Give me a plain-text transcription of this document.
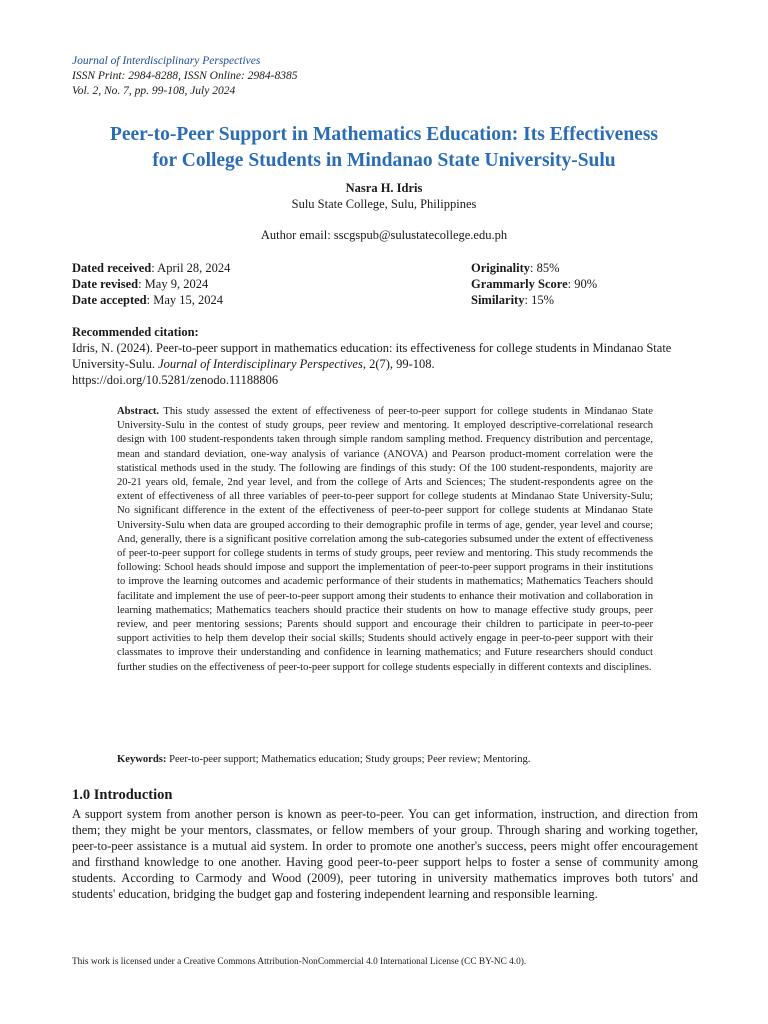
Journal of Interdisciplinary Perspectives
ISSN Print: 2984-8288, ISSN Online: 2984-8385
Vol. 2, No. 7, pp. 99-108, July 2024
Peer-to-Peer Support in Mathematics Education: Its Effectiveness
for College Students in Mindanao State University-Sulu
Nasra H. Idris
Sulu State College, Sulu, Philippines
Author email: sscgspub@sulustatecollege.edu.ph
Dated received: April 28, 2024
Date revised: May 9, 2024
Date accepted: May 15, 2024
Originality: 85%
Grammarly Score: 90%
Similarity: 15%
Recommended citation:
Idris, N. (2024). Peer-to-peer support in mathematics education: its effectiveness for college students in Mindanao State University-Sulu. Journal of Interdisciplinary Perspectives, 2(7), 99-108.
https://doi.org/10.5281/zenodo.11188806
Abstract. This study assessed the extent of effectiveness of peer-to-peer support for college students in Mindanao State University-Sulu in the contest of study groups, peer review and mentoring. It employed descriptive-correlational research design with 100 student-respondents taken through simple random sampling method. Frequency distribution and percentage, mean and standard deviation, one-way analysis of variance (ANOVA) and Pearson product-moment correlation were the statistical methods used in the study. The following are findings of this study: Of the 100 student-respondents, majority are 20-21 years old, female, 2nd year level, and from the college of Arts and Sciences; The student-respondents agree on the extent of effectiveness of all three variables of peer-to-peer support for college students at Mindanao State University-Sulu; No significant difference in the extent of the effectiveness of peer-to-peer support for college students at Mindanao State University-Sulu when data are grouped according to their demographic profile in terms of age, gender, year level and course; And, generally, there is a significant positive correlation among the sub-categories subsumed under the extent of effectiveness of peer-to-peer support for college students in terms of study groups, peer review and mentoring. This study recommends the following: School heads should impose and support the implementation of peer-to-peer support programs in their institutions to improve the learning outcomes and academic performance of their students in mathematics; Mathematics Teachers should facilitate and implement the use of peer-to-peer support among their students to enhance their motivation and collaboration in learning mathematics; Mathematics teachers should practice their students on how to manage effective study groups, peer review, and peer mentoring sessions; Parents should support and encourage their children to participate in peer-to-peer support activities to help them develop their social skills; Students should actively engage in peer-to-peer support with their classmates to improve their understanding and confidence in learning mathematics; and Future researchers should conduct further studies on the effectiveness of peer-to-peer support for college students especially in different contexts and disciplines.
Keywords: Peer-to-peer support; Mathematics education; Study groups; Peer review; Mentoring.
1.0 Introduction
A support system from another person is known as peer-to-peer. You can get information, instruction, and direction from them; they might be your mentors, classmates, or fellow members of your group. Through sharing and working together, peer-to-peer assistance is a mutual aid system. In order to promote one another's success, peers might offer encouragement and firsthand knowledge to one another. Having good peer-to-peer support helps to foster a sense of community among students. According to Carmody and Wood (2009), peer tutoring in university mathematics improves both tutors' and students' education, bridging the budget gap and fostering independent learning and responsible learning.
This work is licensed under a Creative Commons Attribution-NonCommercial 4.0 International License (CC BY-NC 4.0).
